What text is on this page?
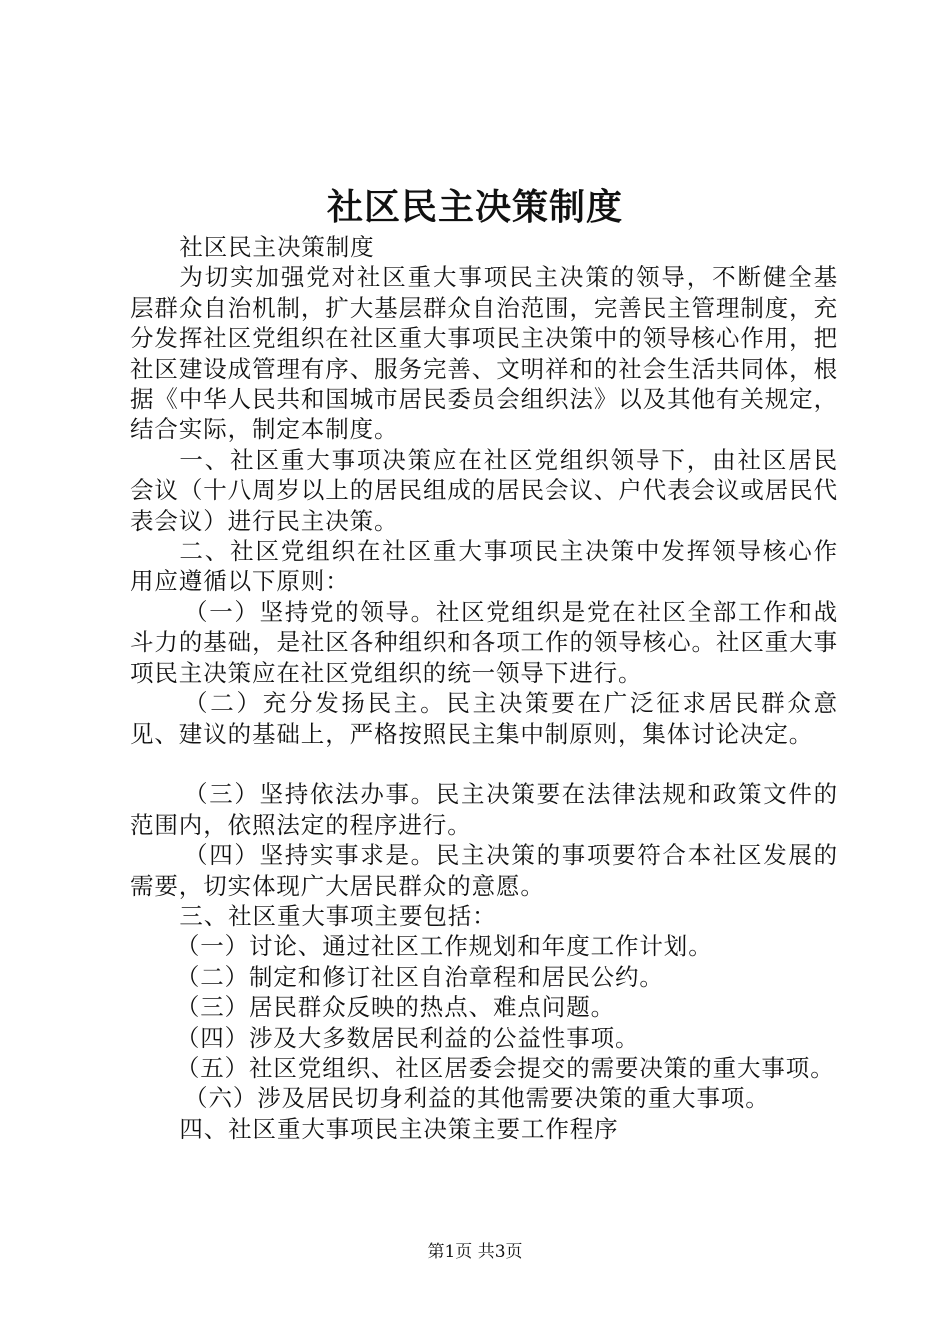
社区民主决策制度

社区民主决策制度

为切实加强党对社区重大事项民主决策的领导，不断健全基层群众自治机制，扩大基层群众自治范围，完善民主管理制度，充分发挥社区党组织在社区重大事项民主决策中的领导核心作用，把社区建设成管理有序、服务完善、文明祥和的社会生活共同体，根据《中华人民共和国城市居民委员会组织法》以及其他有关规定，结合实际，制定本制度。

一、社区重大事项决策应在社区党组织领导下，由社区居民会议（十八周岁以上的居民组成的居民会议、户代表会议或居民代表会议）进行民主决策。

二、社区党组织在社区重大事项民主决策中发挥领导核心作用应遵循以下原则：

（一）坚持党的领导。社区党组织是党在社区全部工作和战斗力的基础，是社区各种组织和各项工作的领导核心。社区重大事项民主决策应在社区党组织的统一领导下进行。

（二）充分发扬民主。民主决策要在广泛征求居民群众意见、建议的基础上，严格按照民主集中制原则，集体讨论决定。

（三）坚持依法办事。民主决策要在法律法规和政策文件的范围内，依照法定的程序进行。

（四）坚持实事求是。民主决策的事项要符合本社区发展的需要，切实体现广大居民群众的意愿。

三、社区重大事项主要包括：

（一）讨论、通过社区工作规划和年度工作计划。

（二）制定和修订社区自治章程和居民公约。

（三）居民群众反映的热点、难点问题。

（四）涉及大多数居民利益的公益性事项。

（五）社区党组织、社区居委会提交的需要决策的重大事项。

（六）涉及居民切身利益的其他需要决策的重大事项。

四、社区重大事项民主决策主要工作程序

第1页 共3页
